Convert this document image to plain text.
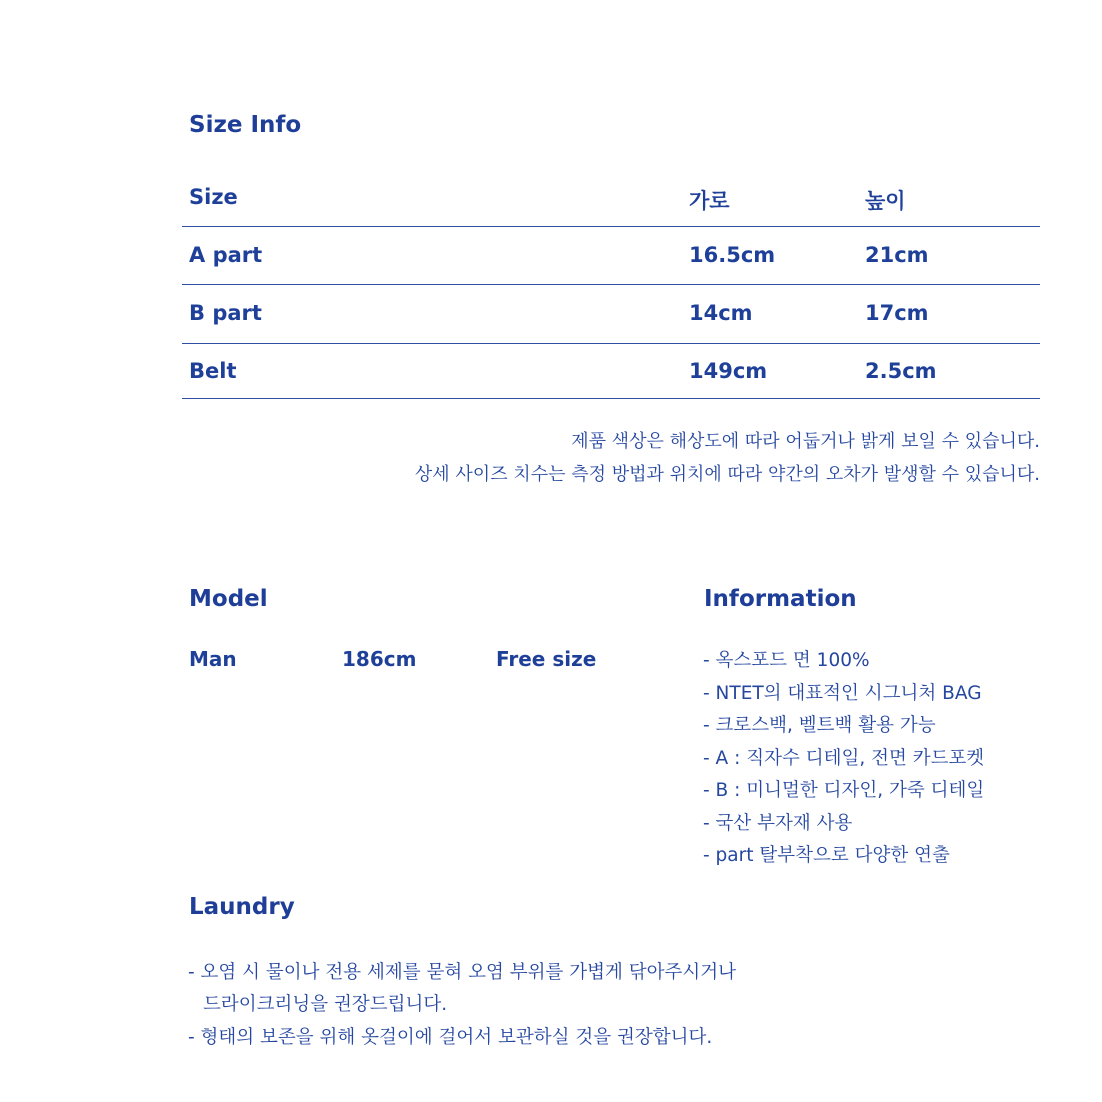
Size Info
Size	가로	높이
A part	16.5cm	21cm
B part	14cm	17cm
Belt	149cm	2.5cm
제품 색상은 해상도에 따라 어둡거나 밝게 보일 수 있습니다.
상세 사이즈 치수는 측정 방법과 위치에 따라 약간의 오차가 발생할 수 있습니다.
Model
Man	186cm	Free size
Information
- 옥스포드 면 100%
- NTET의 대표적인 시그니처 BAG
- 크로스백, 벨트백 활용 가능
- A : 직자수 디테일, 전면 카드포켓
- B : 미니멀한 디자인, 가죽 디테일
- 국산 부자재 사용
- part 탈부착으로 다양한 연출
Laundry
- 오염 시 물이나 전용 세제를 묻혀 오염 부위를 가볍게 닦아주시거나
드라이크리닝을 권장드립니다.
- 형태의 보존을 위해 옷걸이에 걸어서 보관하실 것을 권장합니다.
